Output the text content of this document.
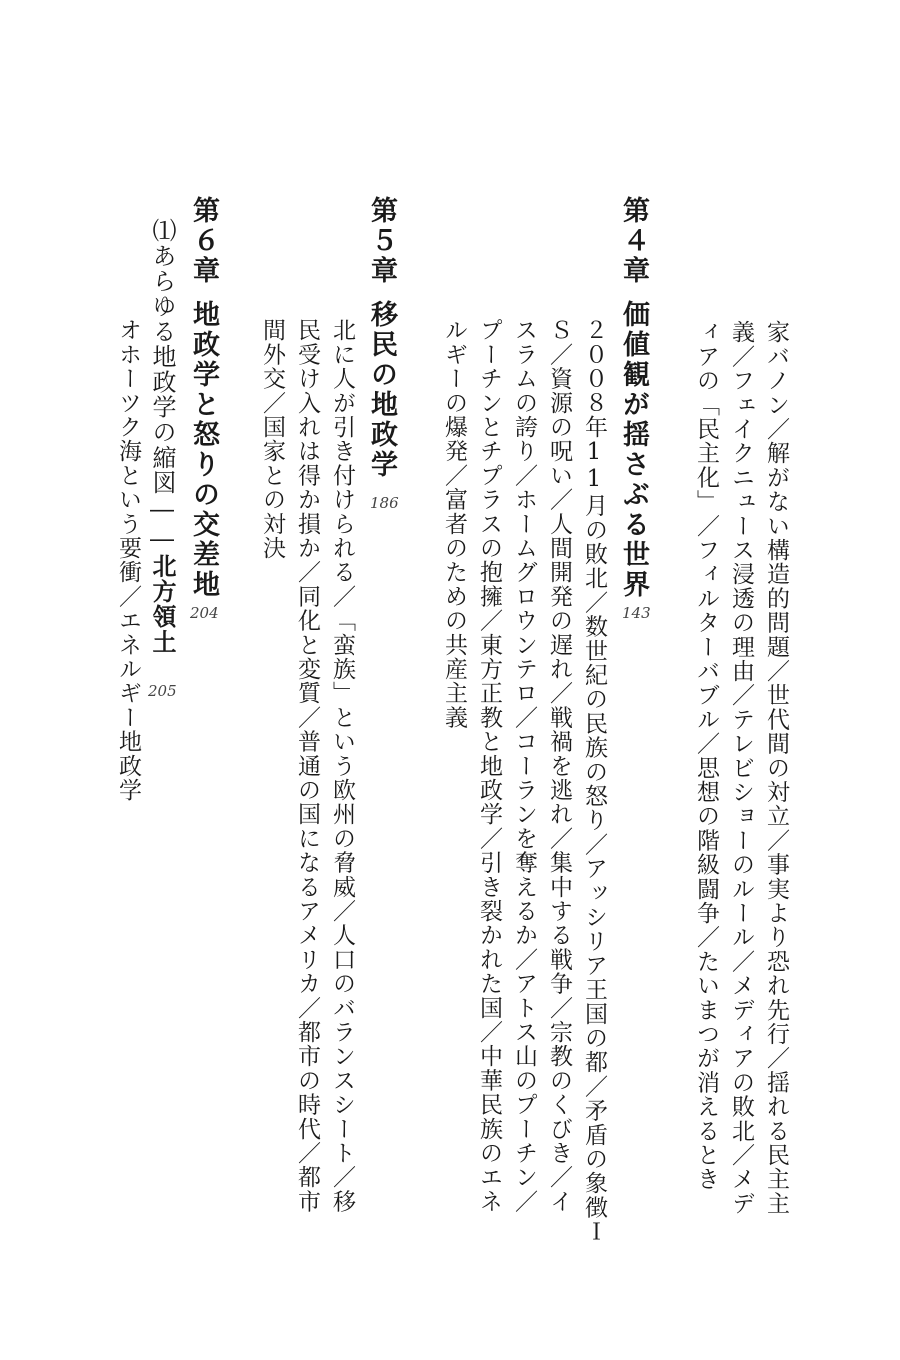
家バノン／解がない構造的問題／世代間の対立／事実より恐れ先行／揺れる民主主
義／フェイクニュース浸透の理由／テレビショーのルール／メディアの敗北／メデ
ィアの「民主化」／フィルターバブル／思想の階級闘争／たいまつが消えるとき
第４章
価値観が揺さぶる世界
143
２００８年11月の敗北／数世紀の民族の怒り／アッシリア王国の都／矛盾の象徴Ｉ
Ｓ／資源の呪い／人間開発の遅れ／戦禍を逃れ／集中する戦争／宗教のくびき／イ
スラムの誇り／ホームグロウンテロ／コーランを奪えるか／アトス山のプーチン／
プーチンとチプラスの抱擁／東方正教と地政学／引き裂かれた国／中華民族のエネ
ルギーの爆発／富者のための共産主義
第５章
移民の地政学
186
北に人が引き付けられる／「蛮族」という欧州の脅威／人口のバランスシート／移
民受け入れは得か損か／同化と変質／普通の国になるアメリカ／都市の時代／都市
間外交／国家との対決
第６章
地政学と怒りの交差地
204
⑴あらゆる地政学の縮図――北方領土
205
オホーツク海という要衝／エネルギー地政学
